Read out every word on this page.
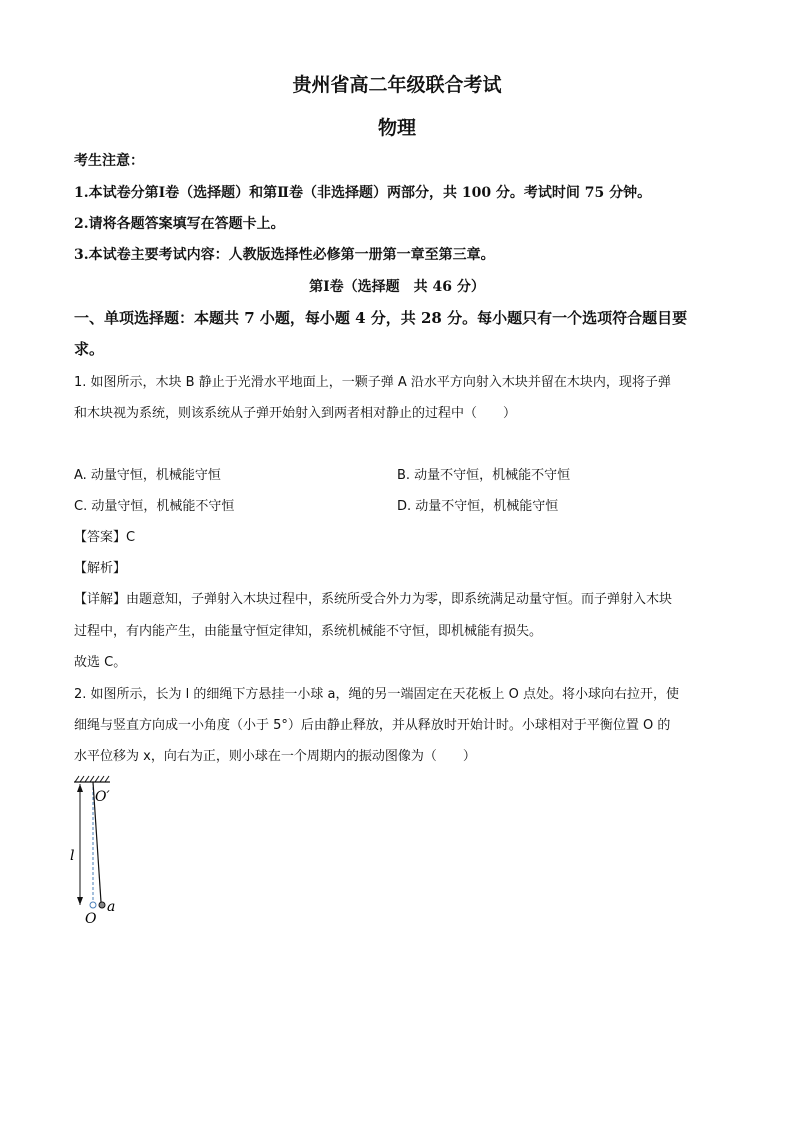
贵州省高二年级联合考试
物理
考生注意：
1.本试卷分第Ⅰ卷（选择题）和第Ⅱ卷（非选择题）两部分，共 100 分。考试时间 75 分钟。
2.请将各题答案填写在答题卡上。
3.本试卷主要考试内容：人教版选择性必修第一册第一章至第三章。
第Ⅰ卷（选择题　共 46 分）
一、单项选择题：本题共 7 小题，每小题 4 分，共 28 分。每小题只有一个选项符合题目要
求。
1. 如图所示，木块 B 静止于光滑水平地面上，一颗子弹 A 沿水平方向射入木块并留在木块内，现将子弹
和木块视为系统，则该系统从子弹开始射入到两者相对静止的过程中（　　）
A. 动量守恒，机械能守恒	B. 动量不守恒，机械能不守恒
C. 动量守恒，机械能不守恒	D. 动量不守恒，机械能守恒
【答案】C
【解析】
【详解】由题意知，子弹射入木块过程中，系统所受合外力为零，即系统满足动量守恒。而子弹射入木块
过程中，有内能产生，由能量守恒定律知，系统机械能不守恒，即机械能有损失。
故选 C。
2. 如图所示，长为 l 的细绳下方悬挂一小球 a，绳的另一端固定在天花板上 O 点处。将小球向右拉开，使
细绳与竖直方向成一小角度（小于 5°）后由静止释放，并从释放时开始计时。小球相对于平衡位置 O 的
水平位移为 x，向右为正，则小球在一个周期内的振动图像为（　　）
O′
l
O
a
